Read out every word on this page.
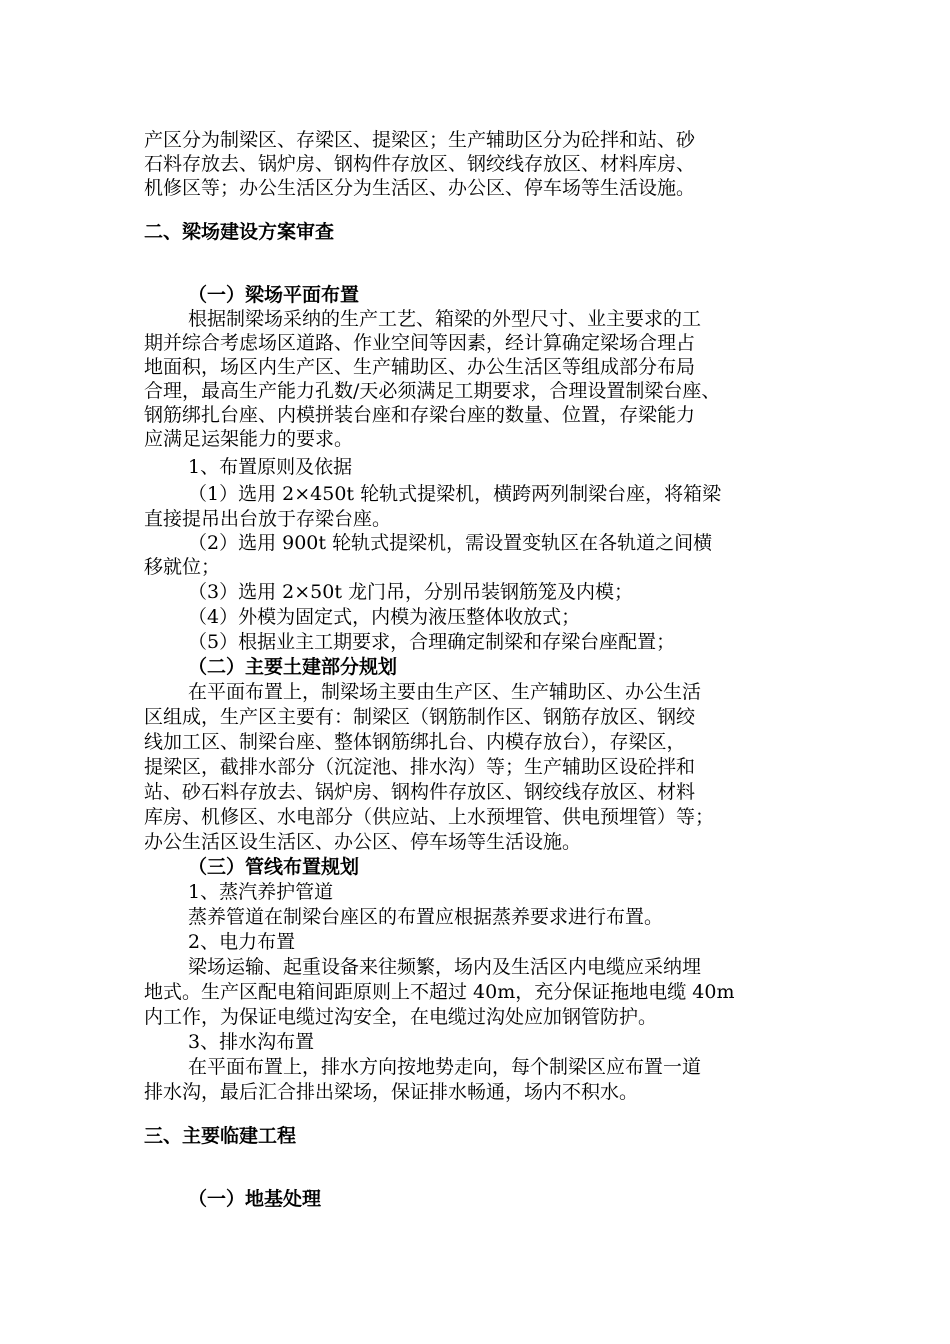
产区分为制梁区、存梁区、提梁区；生产辅助区分为砼拌和站、砂
石料存放去、锅炉房、钢构件存放区、钢绞线存放区、材料库房、
机修区等；办公生活区分为生活区、办公区、停车场等生活设施。
二、梁场建设方案审查
（一）梁场平面布置
根据制梁场采纳的生产工艺、箱梁的外型尺寸、业主要求的工
期并综合考虑场区道路、作业空间等因素，经计算确定梁场合理占
地面积，场区内生产区、生产辅助区、办公生活区等组成部分布局
合理，最高生产能力孔数/天必须满足工期要求，合理设置制梁台座、
钢筋绑扎台座、内模拼装台座和存梁台座的数量、位置，存梁能力
应满足运架能力的要求。
1、布置原则及依据
（1）选用 2×450t 轮轨式提梁机，横跨两列制梁台座，将箱梁
直接提吊出台放于存梁台座。
（2）选用 900t 轮轨式提梁机，需设置变轨区在各轨道之间横
移就位；
（3）选用 2×50t 龙门吊，分别吊装钢筋笼及内模；
（4）外模为固定式，内模为液压整体收放式；
（5）根据业主工期要求，合理确定制梁和存梁台座配置；
（二）主要土建部分规划
在平面布置上，制梁场主要由生产区、生产辅助区、办公生活
区组成，生产区主要有：制梁区（钢筋制作区、钢筋存放区、钢绞
线加工区、制梁台座、整体钢筋绑扎台、内模存放台），存梁区，
提梁区，截排水部分（沉淀池、排水沟）等；生产辅助区设砼拌和
站、砂石料存放去、锅炉房、钢构件存放区、钢绞线存放区、材料
库房、机修区、水电部分（供应站、上水预埋管、供电预埋管）等；
办公生活区设生活区、办公区、停车场等生活设施。
（三）管线布置规划
1、蒸汽养护管道
蒸养管道在制梁台座区的布置应根据蒸养要求进行布置。
2、电力布置
梁场运输、起重设备来往频繁，场内及生活区内电缆应采纳埋
地式。生产区配电箱间距原则上不超过 40m，充分保证拖地电缆 40m
内工作，为保证电缆过沟安全，在电缆过沟处应加钢管防护。
3、排水沟布置
在平面布置上，排水方向按地势走向，每个制梁区应布置一道
排水沟，最后汇合排出梁场，保证排水畅通，场内不积水。
三、主要临建工程
（一）地基处理
